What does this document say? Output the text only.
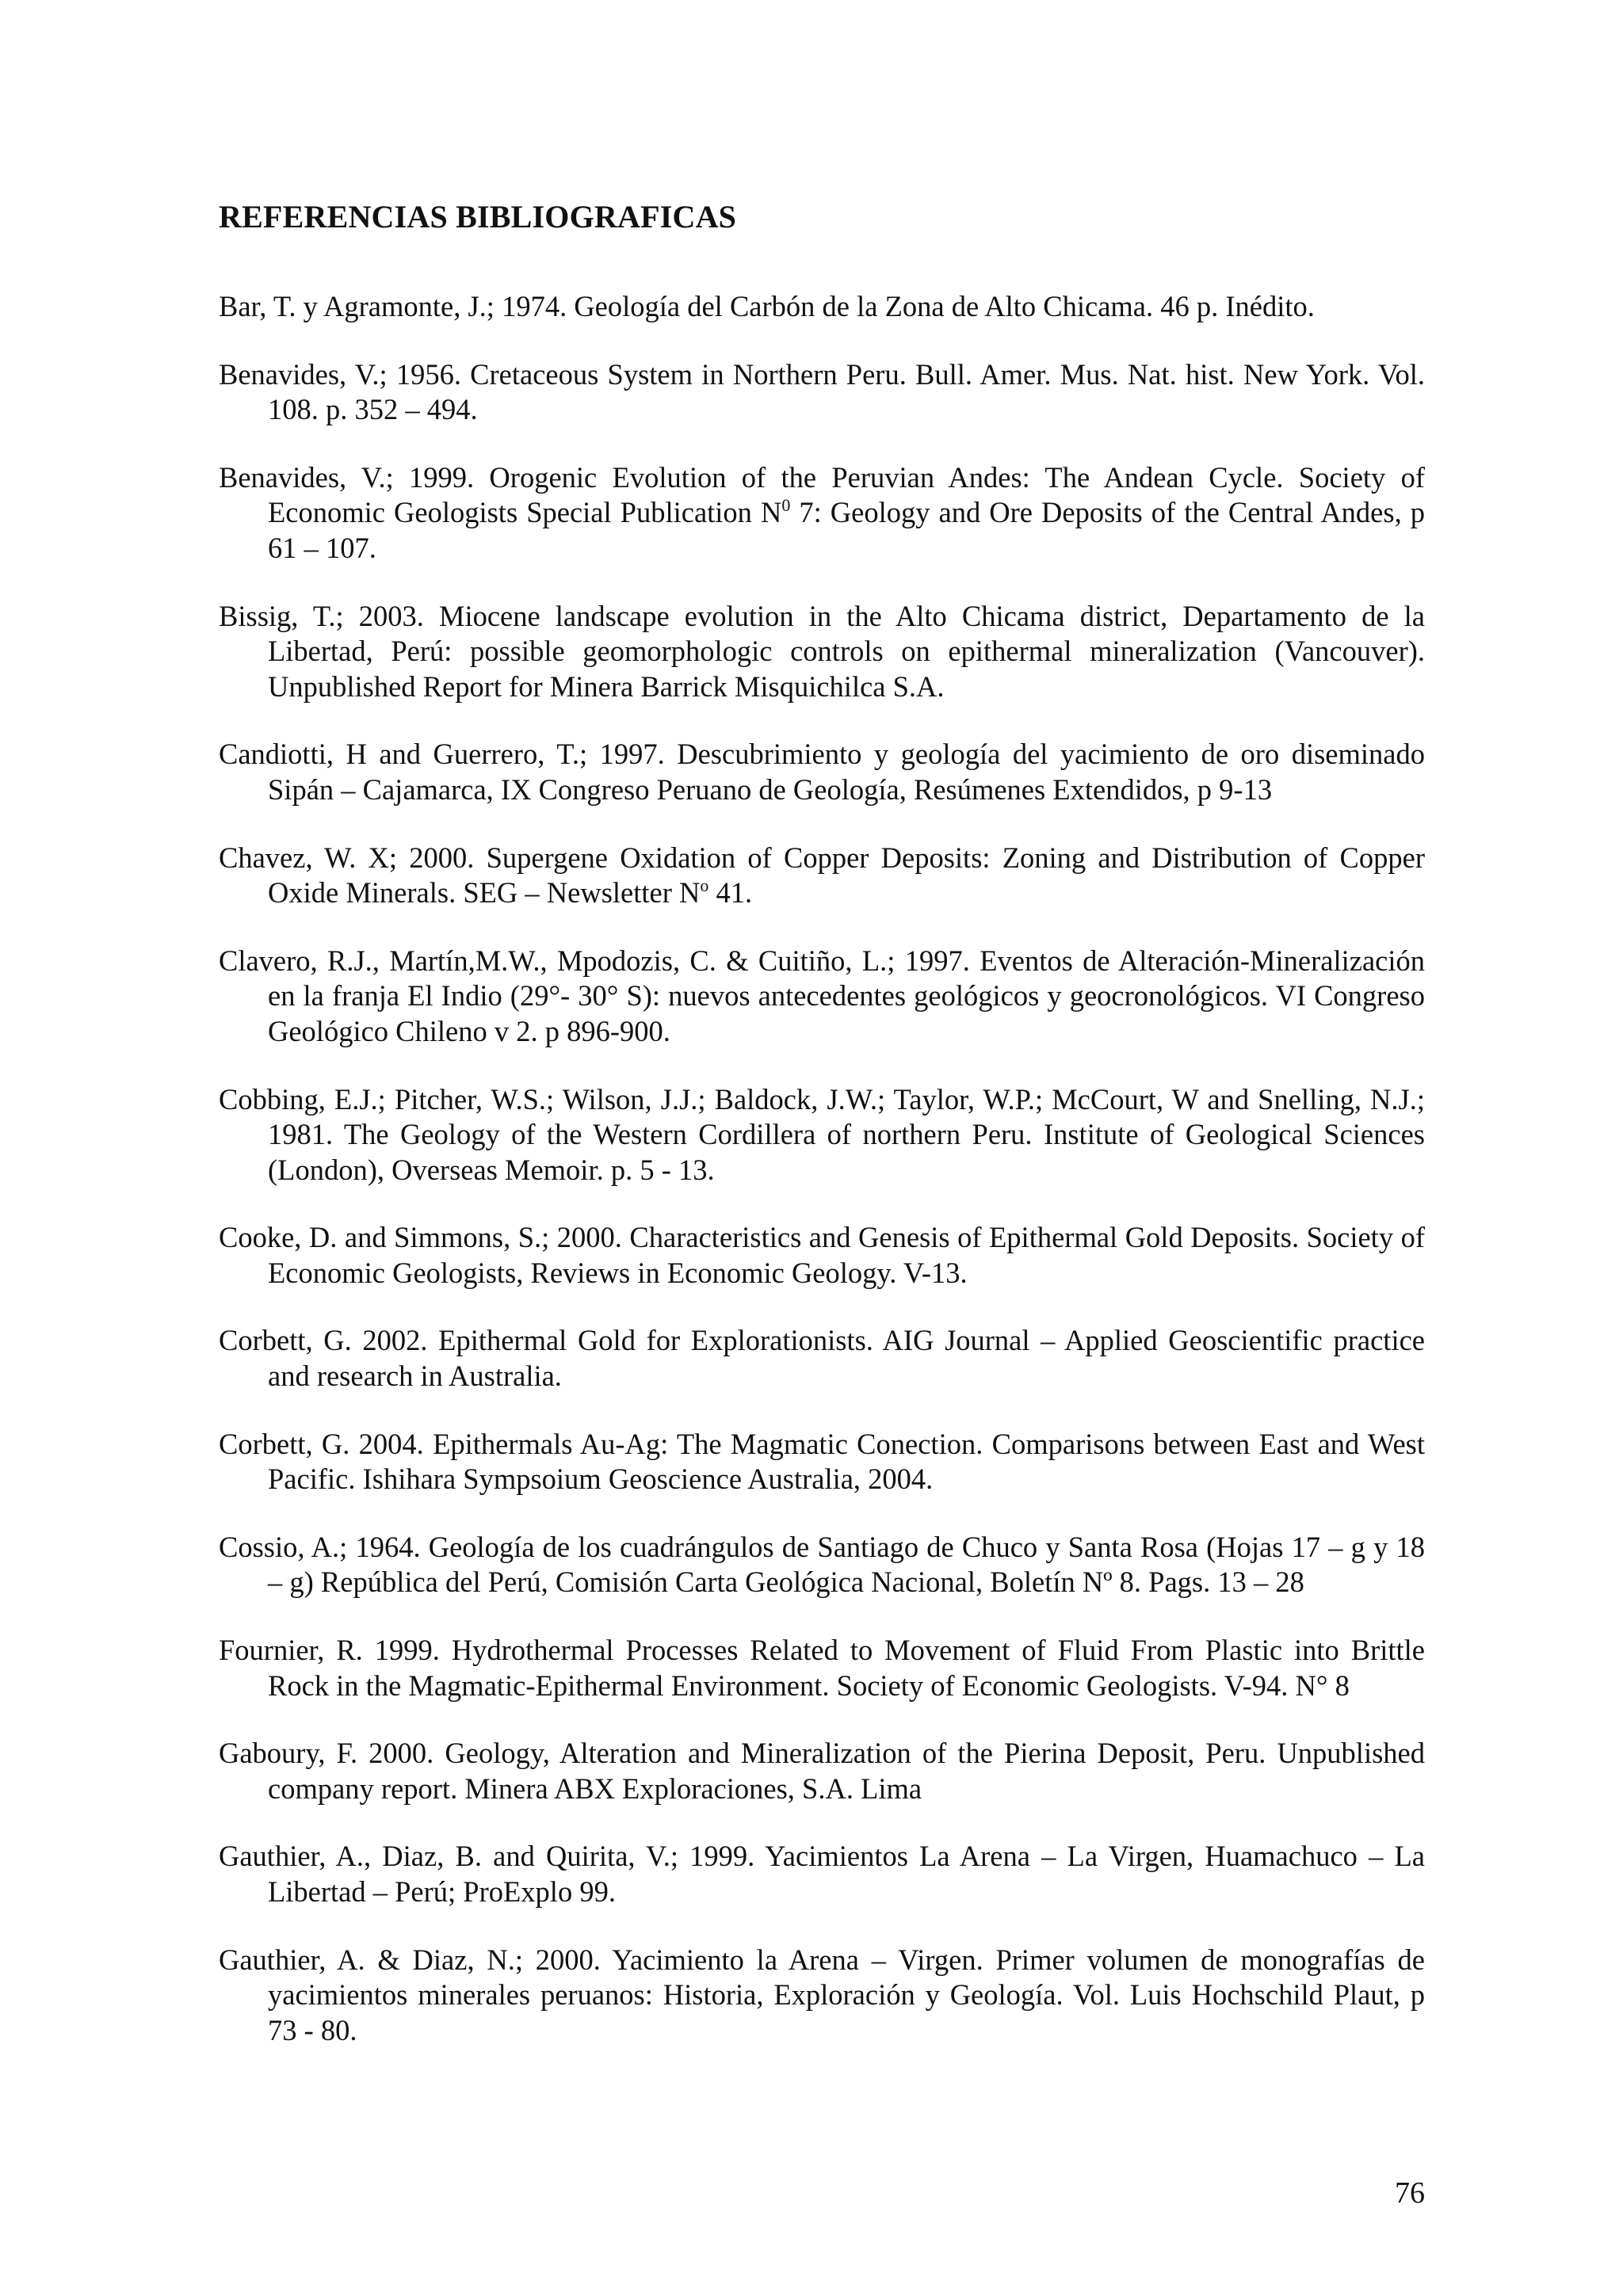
REFERENCIAS BIBLIOGRAFICAS
Bar, T. y Agramonte, J.; 1974. Geología del Carbón de la Zona de Alto Chicama. 46 p. Inédito.
Benavides, V.; 1956. Cretaceous System in Northern Peru. Bull. Amer. Mus. Nat. hist. New York. Vol. 108. p. 352 – 494.
Benavides, V.; 1999. Orogenic Evolution of the Peruvian Andes: The Andean Cycle. Society of Economic Geologists Special Publication $N^0$ 7: Geology and Ore Deposits of the Central Andes, p 61 – 107.
Bissig, T.; 2003. Miocene landscape evolution in the Alto Chicama district, Departamento de la Libertad, Perú: possible geomorphologic controls on epithermal mineralization (Vancouver). Unpublished Report for Minera Barrick Misquichilca S.A.
Candiotti, H and Guerrero, T.; 1997. Descubrimiento y geología del yacimiento de oro diseminado Sipán – Cajamarca, IX Congreso Peruano de Geología, Resúmenes Extendidos, p 9-13
Chavez, W. X; 2000. Supergene Oxidation of Copper Deposits: Zoning and Distribution of Copper Oxide Minerals. SEG – Newsletter $N^o$ 41.
Clavero, R.J., Martín,M.W., Mpodozis, C. & Cuitiño, L.; 1997. Eventos de Alteración-Mineralización en la franja El Indio (29°- 30° S): nuevos antecedentes geológicos y geocronológicos. VI Congreso Geológico Chileno v 2. p 896-900.
Cobbing, E.J.; Pitcher, W.S.; Wilson, J.J.; Baldock, J.W.; Taylor, W.P.; McCourt, W and Snelling, N.J.; 1981. The Geology of the Western Cordillera of northern Peru. Institute of Geological Sciences (London), Overseas Memoir. p. 5 - 13.
Cooke, D. and Simmons, S.; 2000. Characteristics and Genesis of Epithermal Gold Deposits. Society of Economic Geologists, Reviews in Economic Geology. V-13.
Corbett, G. 2002. Epithermal Gold for Explorationists. AIG Journal – Applied Geoscientific practice and research in Australia.
Corbett, G. 2004. Epithermals Au-Ag: The Magmatic Conection. Comparisons between East and West Pacific. Ishihara Sympsoium Geoscience Australia, 2004.
Cossio, A.; 1964. Geología de los cuadrángulos de Santiago de Chuco y Santa Rosa (Hojas 17 – g y 18 – g) República del Perú, Comisión Carta Geológica Nacional, Boletín Nº 8. Pags. 13 – 28
Fournier, R. 1999. Hydrothermal Processes Related to Movement of Fluid From Plastic into Brittle Rock in the Magmatic-Epithermal Environment. Society of Economic Geologists. V-94. N° 8
Gaboury, F. 2000. Geology, Alteration and Mineralization of the Pierina Deposit, Peru. Unpublished company report. Minera ABX Exploraciones, S.A. Lima
Gauthier, A., Diaz, B. and Quirita, V.; 1999. Yacimientos La Arena – La Virgen, Huamachuco – La Libertad – Perú; ProExplo 99.
Gauthier, A. & Diaz, N.; 2000. Yacimiento la Arena – Virgen. Primer volumen de monografías de yacimientos minerales peruanos: Historia, Exploración y Geología. Vol. Luis Hochschild Plaut, p 73 - 80.
76
